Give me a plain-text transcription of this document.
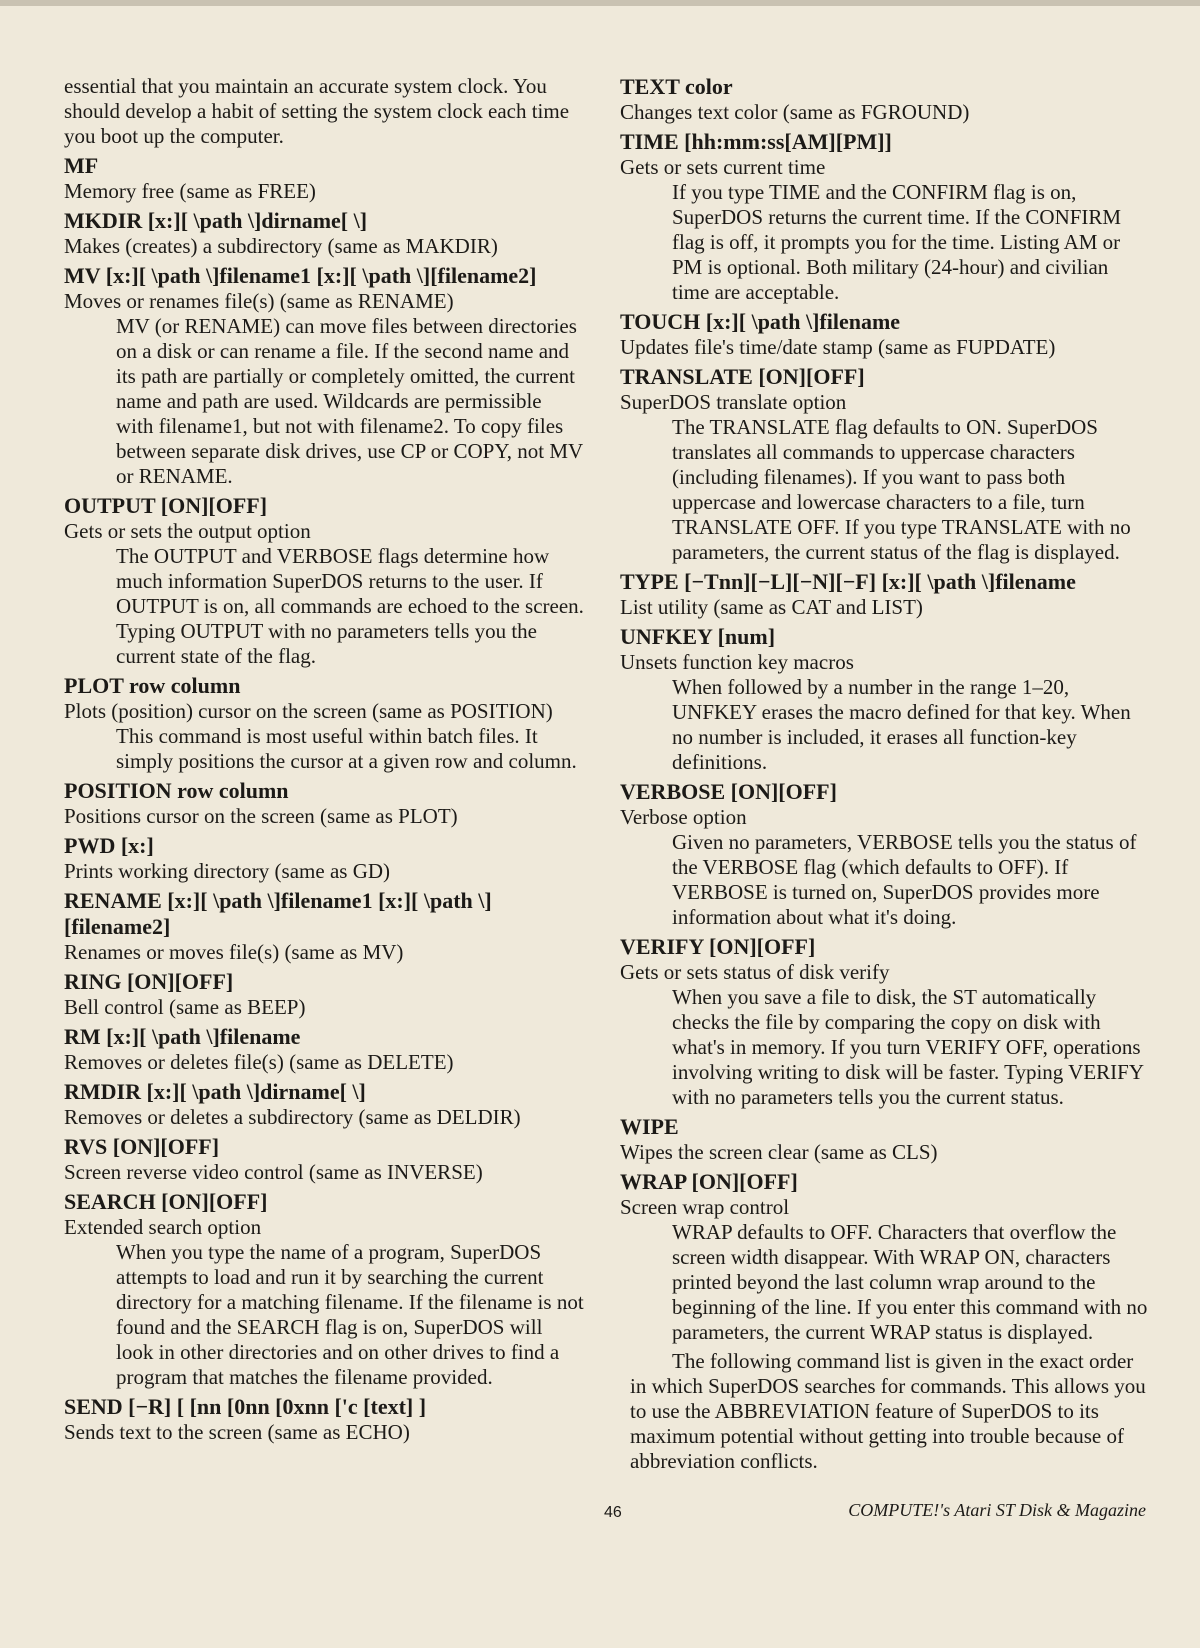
essential that you maintain an accurate system clock. You should develop a habit of setting the system clock each time you boot up the computer.
MF
Memory free (same as FREE)
MKDIR [x:][ \path \]dirname[ \]
Makes (creates) a subdirectory (same as MAKDIR)
MV [x:][ \path \]filename1 [x:][ \path \][filename2]
Moves or renames file(s) (same as RENAME)
MV (or RENAME) can move files between directories on a disk or can rename a file. If the second name and its path are partially or completely omitted, the current name and path are used. Wildcards are permissible with filename1, but not with filename2. To copy files between separate disk drives, use CP or COPY, not MV or RENAME.
OUTPUT [ON][OFF]
Gets or sets the output option
The OUTPUT and VERBOSE flags determine how much information SuperDOS returns to the user. If OUTPUT is on, all commands are echoed to the screen. Typing OUTPUT with no parameters tells you the current state of the flag.
PLOT row column
Plots (position) cursor on the screen (same as POSITION)
This command is most useful within batch files. It simply positions the cursor at a given row and column.
POSITION row column
Positions cursor on the screen (same as PLOT)
PWD [x:]
Prints working directory (same as GD)
RENAME [x:][ \path \]filename1 [x:][ \path \][filename2]
Renames or moves file(s) (same as MV)
RING [ON][OFF]
Bell control (same as BEEP)
RM [x:][ \path \]filename
Removes or deletes file(s) (same as DELETE)
RMDIR [x:][ \path \]dirname[ \]
Removes or deletes a subdirectory (same as DELDIR)
RVS [ON][OFF]
Screen reverse video control (same as INVERSE)
SEARCH [ON][OFF]
Extended search option
When you type the name of a program, SuperDOS attempts to load and run it by searching the current directory for a matching filename. If the filename is not found and the SEARCH flag is on, SuperDOS will look in other directories and on other drives to find a program that matches the filename provided.
SEND [−R] [ [nn [0nn [0xnn ['c [text] ]
Sends text to the screen (same as ECHO)
TEXT color
Changes text color (same as FGROUND)
TIME [hh:mm:ss[AM][PM]]
Gets or sets current time
If you type TIME and the CONFIRM flag is on, SuperDOS returns the current time. If the CONFIRM flag is off, it prompts you for the time. Listing AM or PM is optional. Both military (24-hour) and civilian time are acceptable.
TOUCH [x:][ \path \]filename
Updates file's time/date stamp (same as FUPDATE)
TRANSLATE [ON][OFF]
SuperDOS translate option
The TRANSLATE flag defaults to ON. SuperDOS translates all commands to uppercase characters (including filenames). If you want to pass both uppercase and lowercase characters to a file, turn TRANSLATE OFF. If you type TRANSLATE with no parameters, the current status of the flag is displayed.
TYPE [−Tnn][−L][−N][−F] [x:][ \path \]filename
List utility (same as CAT and LIST)
UNFKEY [num]
Unsets function key macros
When followed by a number in the range 1–20, UNFKEY erases the macro defined for that key. When no number is included, it erases all function-key definitions.
VERBOSE [ON][OFF]
Verbose option
Given no parameters, VERBOSE tells you the status of the VERBOSE flag (which defaults to OFF). If VERBOSE is turned on, SuperDOS provides more information about what it's doing.
VERIFY [ON][OFF]
Gets or sets status of disk verify
When you save a file to disk, the ST automatically checks the file by comparing the copy on disk with what's in memory. If you turn VERIFY OFF, operations involving writing to disk will be faster. Typing VERIFY with no parameters tells you the current status.
WIPE
Wipes the screen clear (same as CLS)
WRAP [ON][OFF]
Screen wrap control
WRAP defaults to OFF. Characters that overflow the screen width disappear. With WRAP ON, characters printed beyond the last column wrap around to the beginning of the line. If you enter this command with no parameters, the current WRAP status is displayed.
The following command list is given in the exact order in which SuperDOS searches for commands. This allows you to use the ABBREVIATION feature of SuperDOS to its maximum potential without getting into trouble because of abbreviation conflicts.
46	COMPUTE!'s Atari ST Disk & Magazine
